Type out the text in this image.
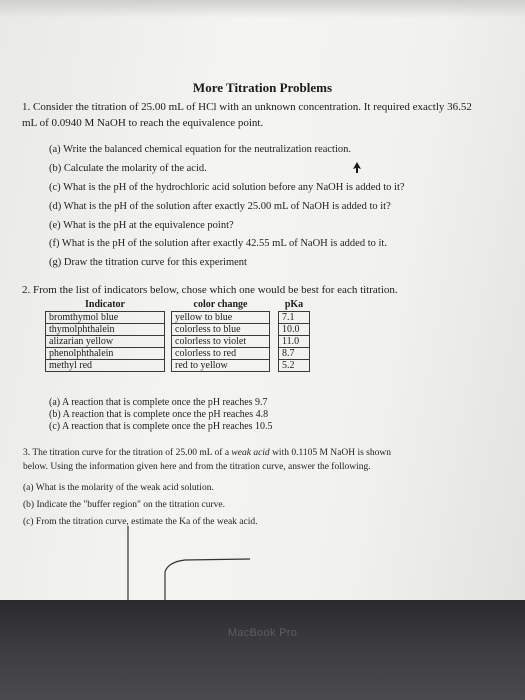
More Titration Problems
1. Consider the titration of 25.00 mL of HCl with an unknown concentration. It required exactly 36.52
mL of 0.0940 M NaOH to reach the equivalence point.
(a) Write the balanced chemical equation for the neutralization reaction.
(b) Calculate the molarity of the acid.
(c) What is the pH of the hydrochloric acid solution before any NaOH is added to it?
(d) What is the pH of the solution after exactly 25.00 mL of NaOH is added to it?
(e) What is the pH at the equivalence point?
(f) What is the pH of the solution after exactly 42.55 mL of NaOH is added to it.
(g) Draw the titration curve for this experiment
2. From the list of indicators below, chose which one would be best for each titration.
Indicator		color change		pKa
bromthymol blue		yellow to blue		7.1
thymolphthalein		colorless to blue		10.0
alizarian yellow		colorless to violet		11.0
phenolphthalein		colorless to red		8.7
methyl red		red to yellow		5.2
(a) A reaction that is complete once the pH reaches 9.7
(b) A reaction that is complete once the pH reaches 4.8
(c) A reaction that is complete once the pH reaches 10.5
3. The titration curve for the titration of 25.00 mL of a weak acid with 0.1105 M NaOH is shown
below. Using the information given here and from the titration curve, answer the following.
(a) What is the molarity of the weak acid solution.
(b) Indicate the "buffer region" on the titration curve.
(c) From the titration curve, estimate the Ka of the weak acid.
MacBook Pro
